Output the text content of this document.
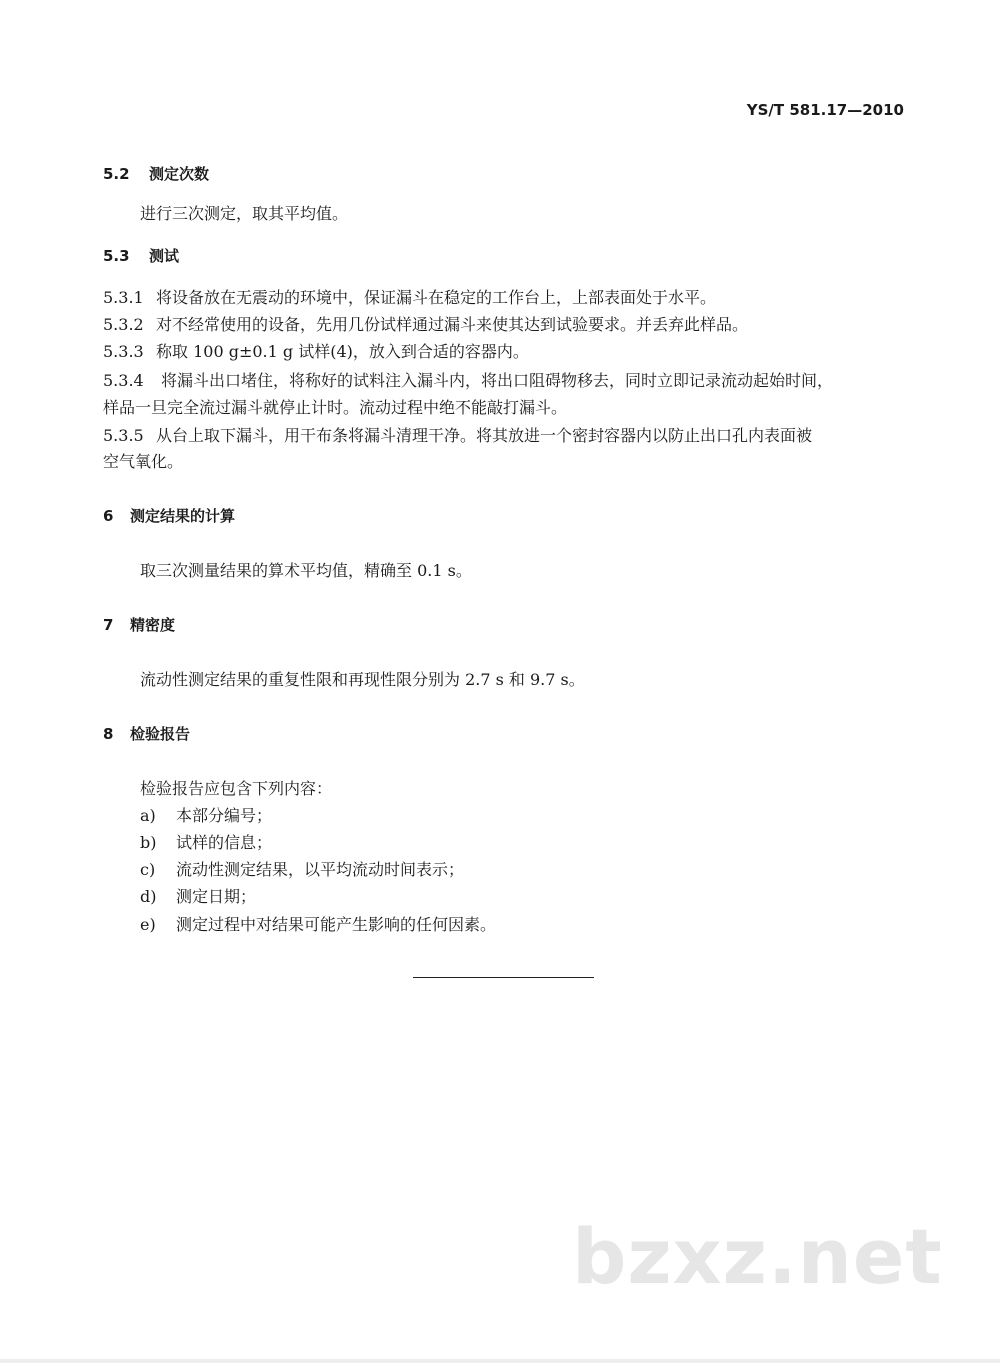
YS/T 581.17—2010
5.2 测定次数
进行三次测定，取其平均值。
5.3 测试
5.3.1 将设备放在无震动的环境中，保证漏斗在稳定的工作台上，上部表面处于水平。
5.3.2 对不经常使用的设备，先用几份试样通过漏斗来使其达到试验要求。并丢弃此样品。
5.3.3 称取 100 g±0.1 g 试样(4)，放入到合适的容器内。
5.3.4 将漏斗出口堵住，将称好的试料注入漏斗内，将出口阻碍物移去，同时立即记录流动起始时间，
样品一旦完全流过漏斗就停止计时。流动过程中绝不能敲打漏斗。
5.3.5 从台上取下漏斗，用干布条将漏斗清理干净。将其放进一个密封容器内以防止出口孔内表面被
空气氧化。
6 测定结果的计算
取三次测量结果的算术平均值，精确至 0.1 s。
7 精密度
流动性测定结果的重复性限和再现性限分别为 2.7 s 和 9.7 s。
8 检验报告
检验报告应包含下列内容：
a) 本部分编号；
b) 试样的信息；
c) 流动性测定结果，以平均流动时间表示；
d) 测定日期；
e) 测定过程中对结果可能产生影响的任何因素。
bzxz.net
